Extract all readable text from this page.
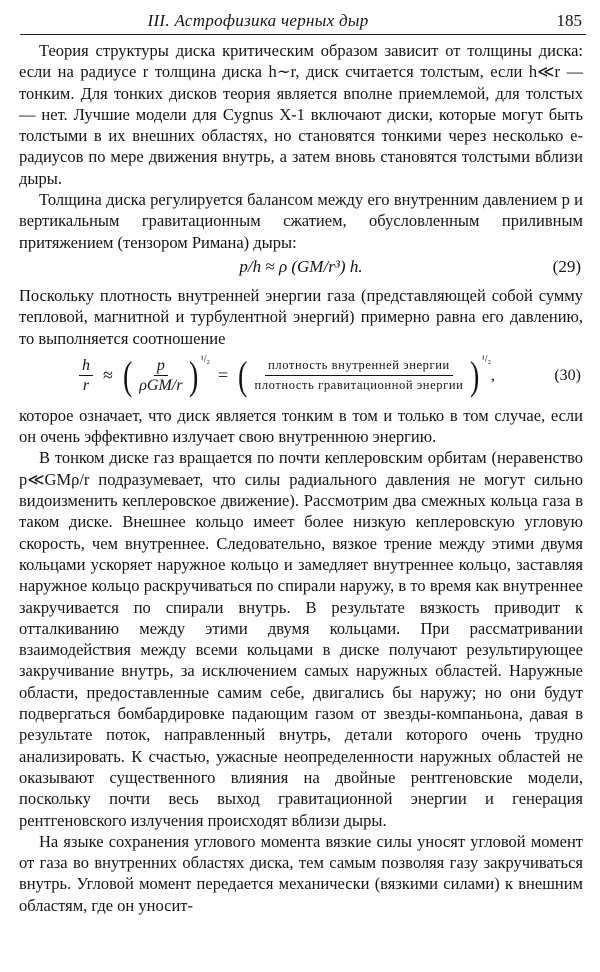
III. Астрофизика черных дыр	185

Теория структуры диска критическим образом зависит от толщины диска: если на радиусе r толщина диска h∼r, диск считается толстым, если h≪r — тонким. Для тонких дисков теория является вполне приемлемой, для толстых — нет. Лучшие модели для Cygnus X-1 включают диски, которые могут быть толстыми в их внешних областях, но становятся тонкими через несколько e-радиусов по мере движения внутрь, а затем вновь становятся толстыми вблизи дыры.

Толщина диска регулируется балансом между его внутренним давлением p и вертикальным гравитационным сжатием, обусловленным приливным притяжением (тензором Римана) дыры:

p/h ≈ ρ (GM/r³) h.	(29)

Поскольку плотность внутренней энергии газа (представляющей собой сумму тепловой, магнитной и турбулентной энергий) примерно равна его давлению, то выполняется соотношение

$\frac{h}{r}$ ≈ ( $\frac{p}{\text{ρGM/r}}$ ) ¹/₂
= ( $\frac{\text{плотность внутренней энергии}}{\text{плотность гравитационной энергии}}$ ) ¹/₂
,	(30)

которое означает, что диск является тонким в том и только в том случае, если он очень эффективно излучает свою внутреннюю энергию.

В тонком диске газ вращается по почти кеплеровским орбитам (неравенство p≪GMρ/r подразумевает, что силы радиального давления не могут сильно видоизменить кеплеровское движение). Рассмотрим два смежных кольца газа в таком диске. Внешнее кольцо имеет более низкую кеплеровскую угловую скорость, чем внутреннее. Следовательно, вязкое трение между этими двумя кольцами ускоряет наружное кольцо и замедляет внутреннее кольцо, заставляя наружное кольцо раскручиваться по спирали наружу, в то время как внутреннее закручивается по спирали внутрь. В результате вязкость приводит к отталкиванию между этими двумя кольцами. При рассматривании взаимодействия между всеми кольцами в диске получают результирующее закручивание внутрь, за исключением самых наружных областей. Наружные области, предоставленные самим себе, двигались бы наружу; но они будут подвергаться бомбардировке падающим газом от звезды-компаньона, давая в результате поток, направленный внутрь, детали которого очень трудно анализировать. К счастью, ужасные неопределенности наружных областей не оказывают существенного влияния на двойные рентгеновские модели, поскольку почти весь выход гравитационной энергии и генерация рентгеновского излучения происходят вблизи дыры.

На языке сохранения углового момента вязкие силы уносят угловой момент от газа во внутренних областях диска, тем самым позволяя газу закручиваться внутрь. Угловой момент передается механически (вязкими силами) к внешним областям, где он уносит-
